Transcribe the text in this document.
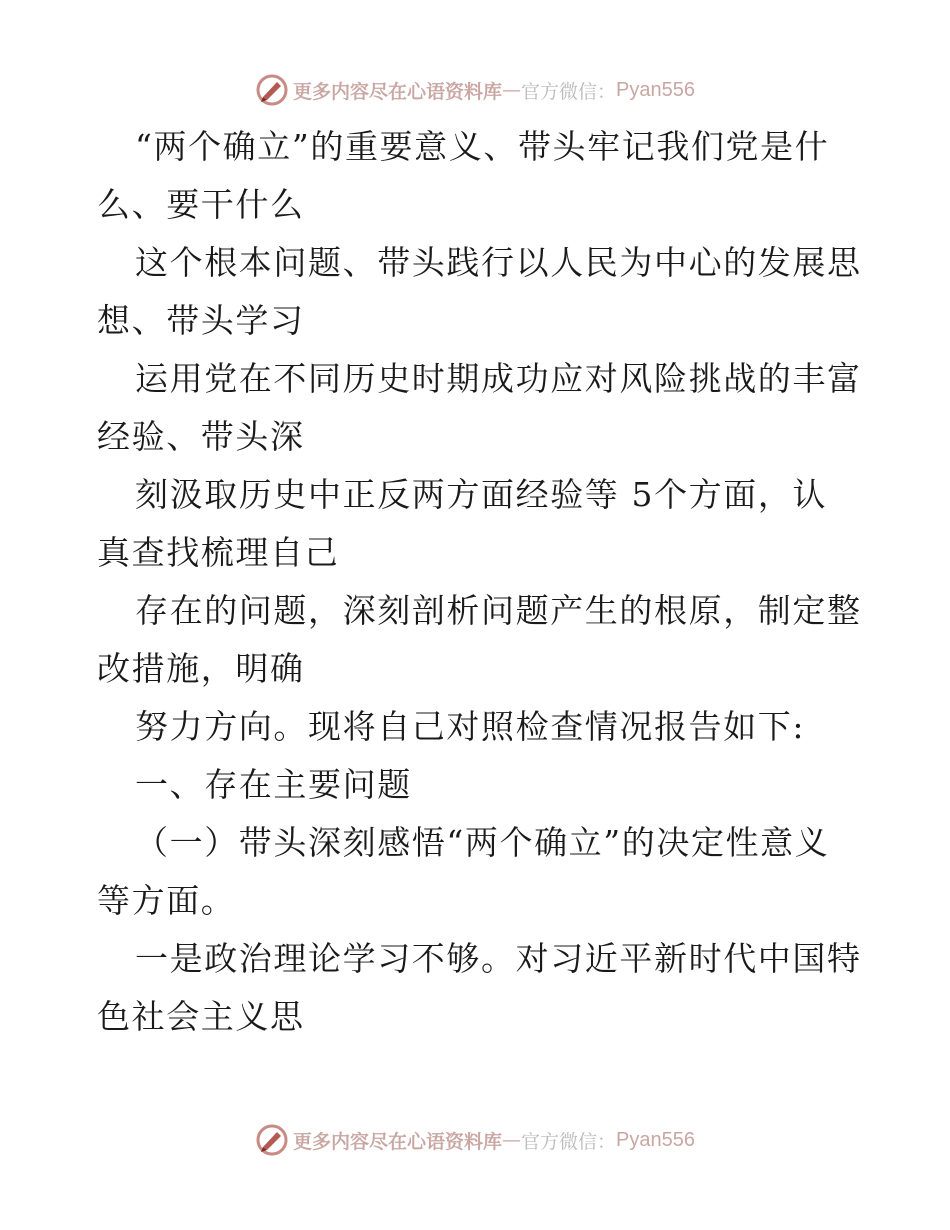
更多内容尽在心语资料库 — 官方微信： Pyan556
“两个确立”的重要意义、带头牢记我们党是什
么、要干什么
这个根本问题、带头践行以人民为中心的发展思
想、带头学习
运用党在不同历史时期成功应对风险挑战的丰富
经验、带头深
刻汲取历史中正反两方面经验等 5个方面，认
真查找梳理自己
存在的问题，深刻剖析问题产生的根原，制定整
改措施，明确
努力方向。现将自己对照检查情况报告如下:
一、存在主要问题
（一）带头深刻感悟“两个确立”的决定性意义
等方面。
一是政治理论学习不够。对习近平新时代中国特
色社会主义思
更多内容尽在心语资料库 — 官方微信： Pyan556
